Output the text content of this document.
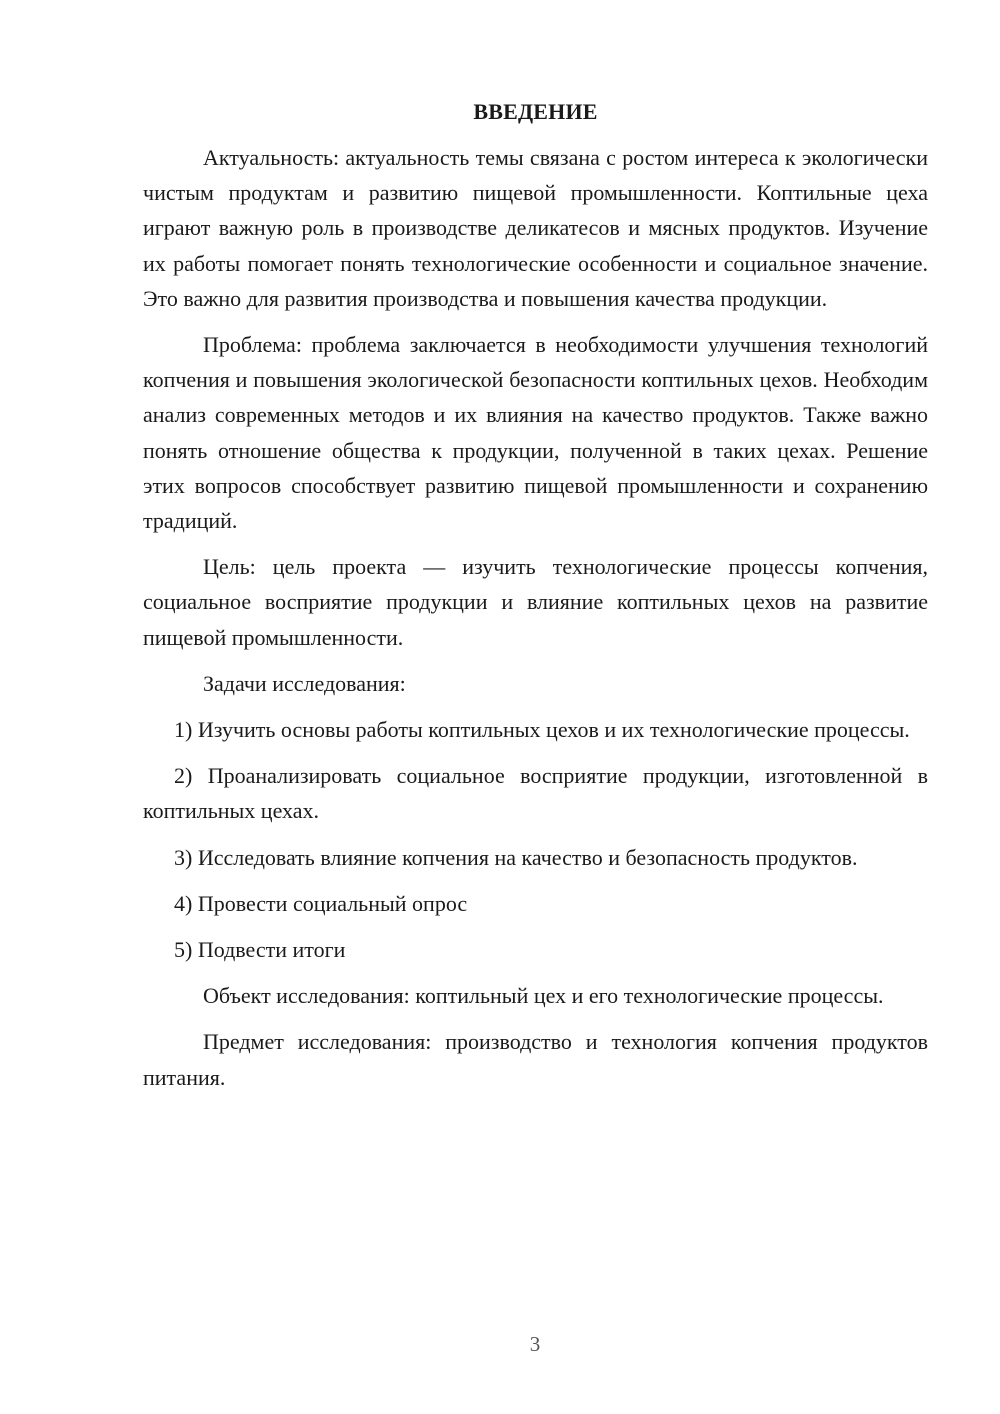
ВВЕДЕНИЕ

Актуальность: актуальность темы связана с ростом интереса к экологически чистым продуктам и развитию пищевой промышленности. Коптильные цеха играют важную роль в производстве деликатесов и мясных продуктов. Изучение их работы помогает понять технологические особенности и социальное значение. Это важно для развития производства и повышения качества продукции.

Проблема: проблема заключается в необходимости улучшения технологий копчения и повышения экологической безопасности коптильных цехов. Необходим анализ современных методов и их влияния на качество продуктов. Также важно понять отношение общества к продукции, полученной в таких цехах. Решение этих вопросов способствует развитию пищевой промышленности и сохранению традиций.

Цель: цель проекта — изучить технологические процессы копчения, социальное восприятие продукции и влияние коптильных цехов на развитие пищевой промышленности.

Задачи исследования:

1) Изучить основы работы коптильных цехов и их технологические процессы.

2) Проанализировать социальное восприятие продукции, изготовленной в коптильных цехах.

3) Исследовать влияние копчения на качество и безопасность продуктов.

4) Провести социальный опрос

5) Подвести итоги

Объект исследования: коптильный цех и его технологические процессы.

Предмет исследования: производство и технология копчения продуктов питания.

3
